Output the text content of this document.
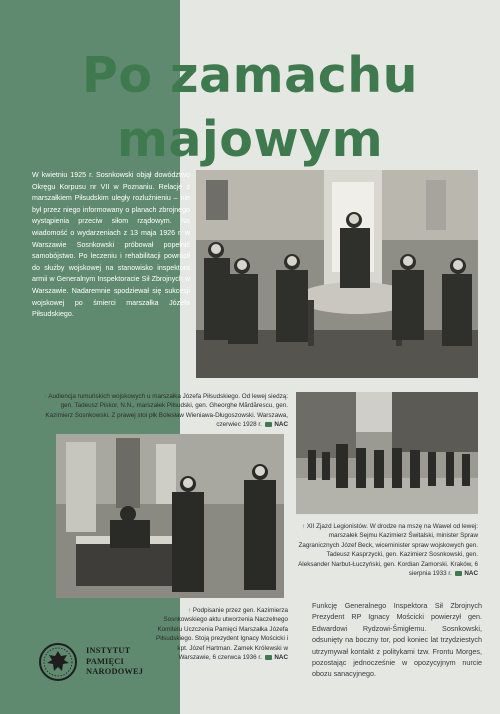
Po zamachu
majowym

W kwietniu 1925 r. Sosnkowski objął dowództwo Okręgu Korpusu nr VII w Poznaniu. Relacje z marszałkiem Piłsudskim uległy rozluźnieniu – nie był przez niego informowany o planach zbrojnego wystąpienia przeciw siłom rządowym. Na wiadomość o wydarzeniach z 13 maja 1926 r. w Warszawie Sosnkowski próbował popełnić samobójstwo. Po leczeniu i rehabilitacji powrócił do służby wojskowej na stanowisko inspektora armii w Generalnym Inspektoracie Sił Zbrojnych w Warszawie. Nadaremnie spodziewał się sukcesji wojskowej po śmierci marszałka Józefa Piłsudskiego.

↑ Audiencja rumuńskich wojskowych u marszałka Józefa Piłsudskiego. Od lewej siedzą: gen. Tadeusz Piskor, N.N., marszałek Piłsudski, gen. Gheorghe Mărdărescu, gen. Kazimierz Sosnkowski. Z prawej stoi płk Bolesław Wieniawa-Długoszowski. Warszawa, czerwiec 1928 r. NAC

↑ XII Zjazd Legionistów. W drodze na mszę na Wawel od lewej: marszałek Sejmu Kazimierz Świtalski, minister Spraw Zagranicznych Józef Beck, wiceminister spraw wojskowych gen. Tadeusz Kasprzycki, gen. Kazimierz Sosnkowski, gen. Aleksander Narbut-Łuczyński, gen. Kordian Zamorski. Kraków, 6 sierpnia 1933 r. NAC

↑ Podpisanie przez gen. Kazimierza Sosnkowskiego aktu utworzenia Naczelnego Komitetu Uczczenia Pamięci Marszałka Józefa Piłsudskiego. Stoją prezydent Ignacy Mościcki i kpt. Józef Hartman. Zamek Królewski w Warszawie, 6 czerwca 1936 r. NAC

Funkcję Generalnego Inspektora Sił Zbrojnych Prezydent RP Ignacy Mościcki powierzył gen. Edwardowi Rydzowi-Śmigłemu. Sosnkowski, odsunięty na boczny tor, pod koniec lat trzydziestych utrzymywał kontakt z politykami tzw. Frontu Morges, pozostając jednocześnie w opozycyjnym nurcie obozu sanacyjnego.

INSTYTUT
PAMIĘCI
NARODOWEJ
